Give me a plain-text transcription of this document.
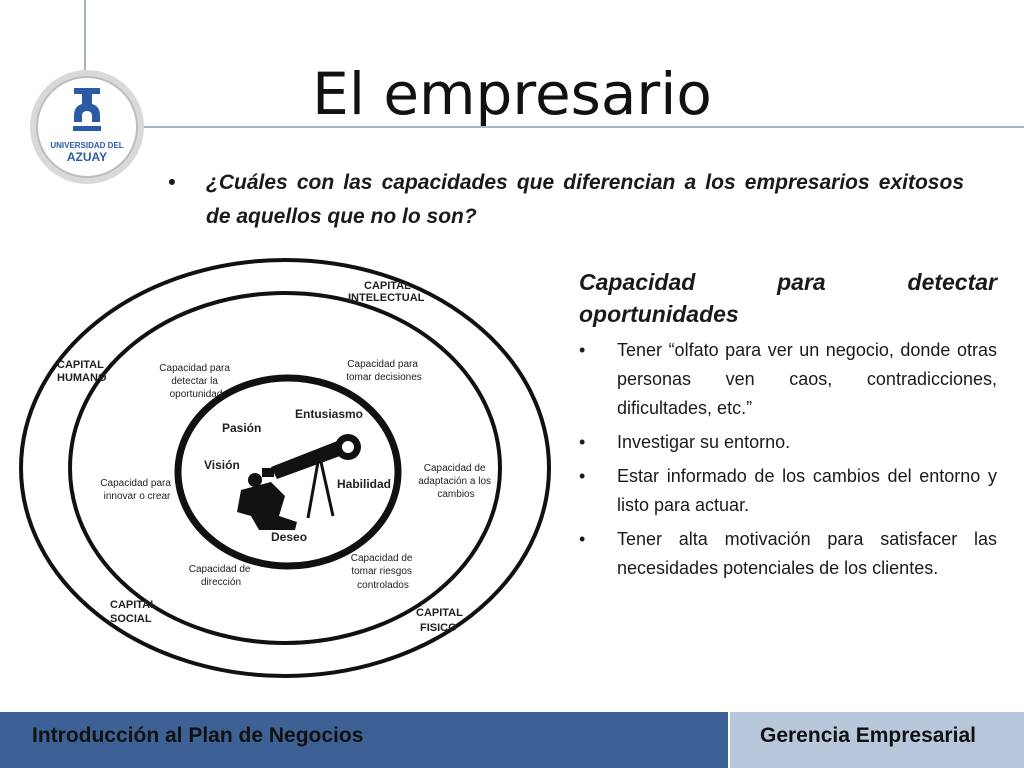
UNIVERSIDAD DEL
AZUAY
El empresario
• ¿Cuáles con las capacidades que diferencian a los empresarios exitosos de aquellos que no lo son?
CAPITAL INTELECTUAL
CAPITAL HUMANO
CAPITAL SOCIAL	CAPITAL FISICO
Capacidad para detectar la oportunidad
Capacidad para tomar decisiones
Capacidad para innovar o crear
Capacidad de adaptación a los cambios
Capacidad de dirección
Capacidad de tomar riesgos controlados
Pasión
Entusiasmo
Visión
Habilidad
Deseo
Capacidad	para	detectar oportunidades
• Tener “olfato para ver un negocio, donde otras personas ven caos, contradicciones, dificultades, etc.”
• Investigar su entorno.
• Estar informado de los cambios del entorno y listo para actuar.
• Tener alta motivación para satisfacer las necesidades potenciales de los clientes.
Introducción al Plan de Negocios	Gerencia Empresarial
